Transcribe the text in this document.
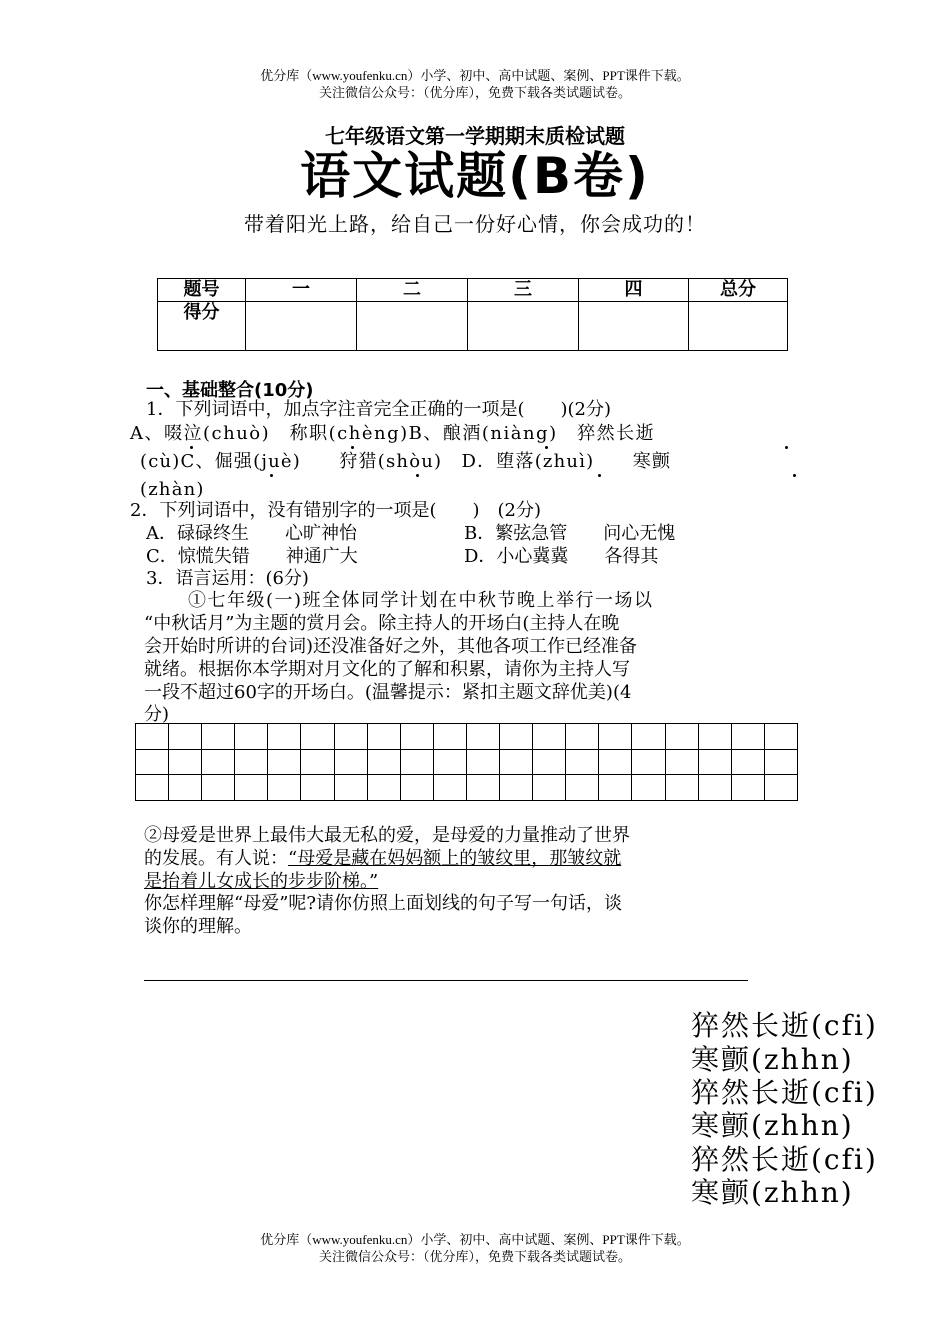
优分库（www.youfenku.cn）小学、初中、高中试题、案例、PPT课件下载。
关注微信公众号：（优分库），免费下载各类试题试卷。
七年级语文第一学期期末质检试题
语文试题(B卷)
带着阳光上路，给自己一份好心情，你会成功的！
题号	一	二	三	四	总分
得分					
一、基础整合(10分)
1．下列词语中，加点字注音完全正确的一项是(　　)(2分)
A、啜泣(chuò)　称职(chèng)B、酿酒(niàng)　猝然长逝
(cù)C、倔强(juè)　　狩猎(shòu)　D．堕落(zhuì)　　寒颤
(zhàn)
2．下列词语中，没有错别字的一项是(　　)　(2分)
A．碌碌终生　　心旷神怡	B．繁弦急管　　问心无愧
C．惊慌失错　　神通广大	D．小心冀冀　　各得其
3．语言运用：(6分)
①七年级(一)班全体同学计划在中秋节晚上举行一场以
“中秋话月”为主题的赏月会。除主持人的开场白(主持人在晚
会开始时所讲的台词)还没准备好之外，其他各项工作已经准备
就绪。根据你本学期对月文化的了解和积累，请你为主持人写
一段不超过60字的开场白。(温馨提示：紧扣主题文辞优美)(4
分)

②母爱是世界上最伟大最无私的爱，是母爱的力量推动了世界
的发展。有人说：“母爱是藏在妈妈额上的皱纹里，那皱纹就
是抬着儿女成长的步步阶梯。”
你怎样理解“母爱”呢?请你仿照上面划线的句子写一句话，谈
谈你的理解。
猝然长逝(cfi)
寒颤(zhhn)
猝然长逝(cfi)
寒颤(zhhn)
猝然长逝(cfi)
寒颤(zhhn)
优分库（www.youfenku.cn）小学、初中、高中试题、案例、PPT课件下载。
关注微信公众号：（优分库），免费下载各类试题试卷。
